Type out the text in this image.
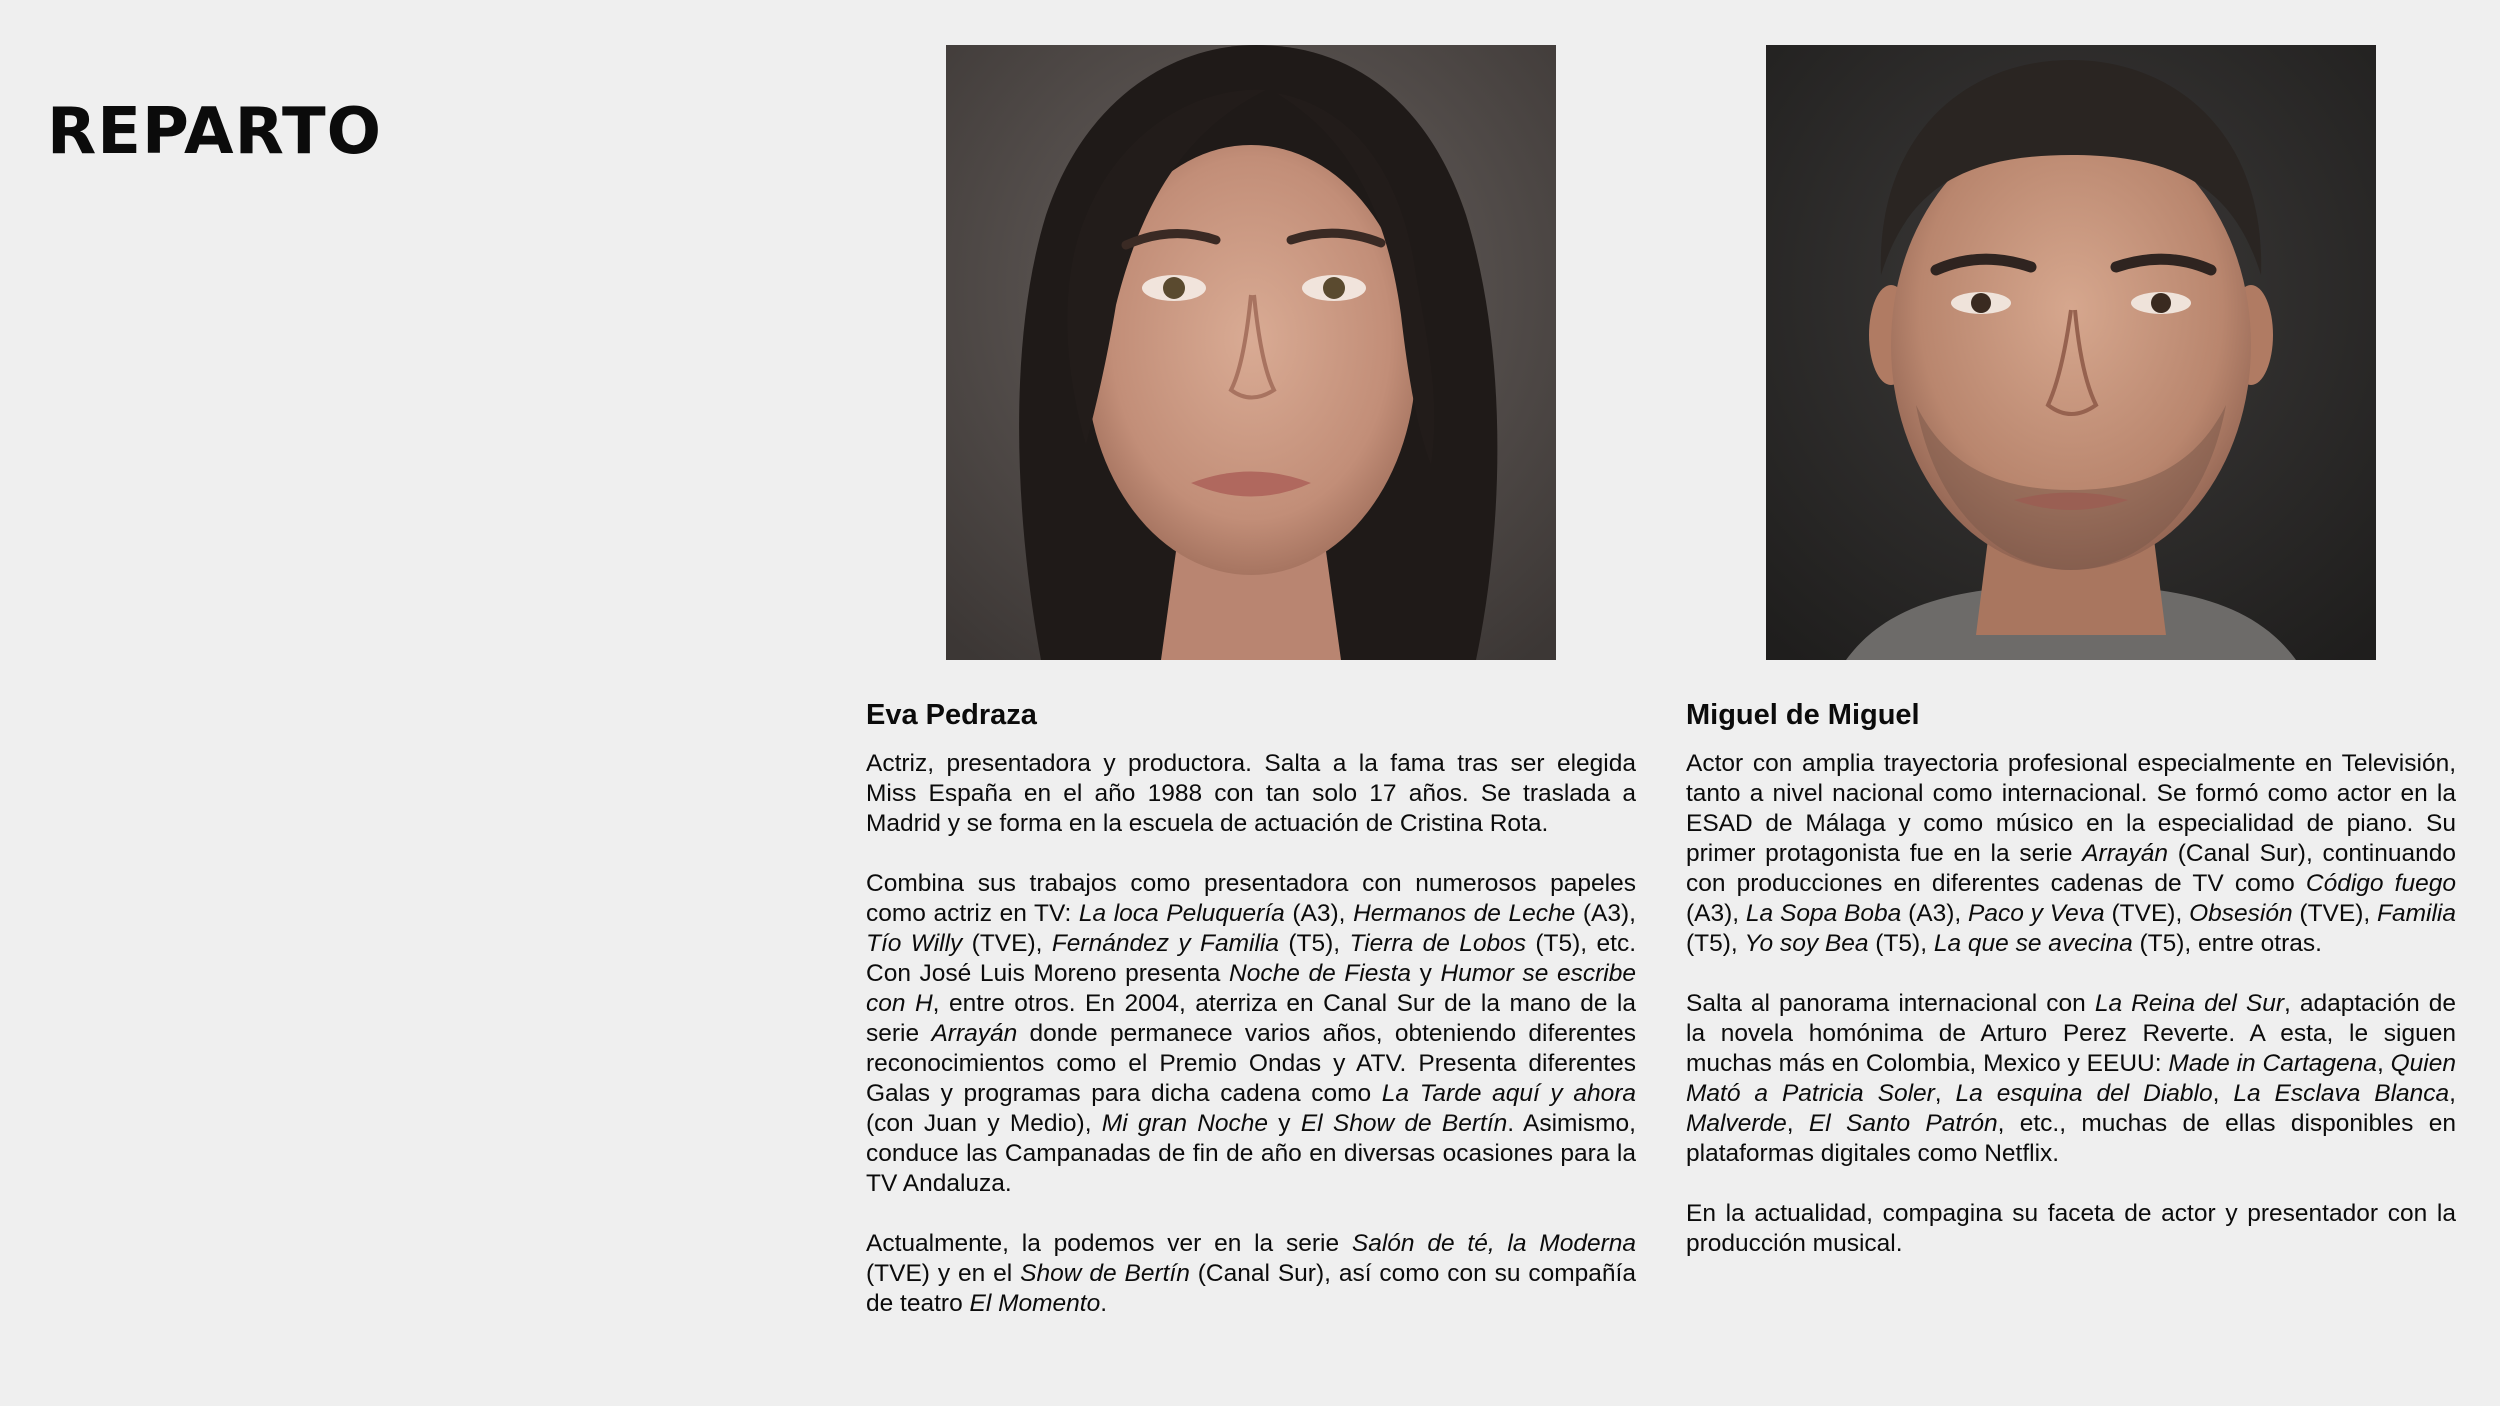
REPARTO
Eva Pedraza

Actriz, presentadora y productora. Salta a la fama tras ser elegida Miss España en el año 1988 con tan solo 17 años. Se traslada a Madrid y se forma en la escuela de actuación de Cristina Rota.

Combina sus trabajos como presentadora con numerosos papeles como actriz en TV: La loca Peluquería (A3), Hermanos de Leche (A3), Tío Willy (TVE), Fernández y Familia (T5), Tierra de Lobos (T5), etc. Con José Luis Moreno presenta Noche de Fiesta y Humor se escribe con H, entre otros. En 2004, aterriza en Canal Sur de la mano de la serie Arrayán donde permanece varios años, obteniendo diferentes reconocimientos como el Premio Ondas y ATV. Presenta diferentes Galas y programas para dicha cadena como La Tarde aquí y ahora (con Juan y Medio), Mi gran Noche y El Show de Bertín. Asimismo, conduce las Campanadas de fin de año en diversas ocasiones para la TV Andaluza.

Actualmente, la podemos ver en la serie Salón de té, la Moderna (TVE) y en el Show de Bertín (Canal Sur), así como con su compañía de teatro El Momento.

Miguel de Miguel

Actor con amplia trayectoria profesional especialmente en Televisión, tanto a nivel nacional como internacional. Se formó como actor en la ESAD de Málaga y como músico en la especialidad de piano. Su primer protagonista fue en la serie Arrayán (Canal Sur), continuando con producciones en diferentes cadenas de TV como Código fuego (A3), La Sopa Boba (A3), Paco y Veva (TVE), Obsesión (TVE), Familia (T5), Yo soy Bea (T5), La que se avecina (T5), entre otras.

Salta al panorama internacional con La Reina del Sur, adaptación de la novela homónima de Arturo Perez Reverte. A esta, le siguen muchas más en Colombia, Mexico y EEUU: Made in Cartagena, Quien Mató a Patricia Soler, La esquina del Diablo, La Esclava Blanca, Malverde, El Santo Patrón, etc., muchas de ellas disponibles en plataformas digitales como Netflix.

En la actualidad, compagina su faceta de actor y presentador con la producción musical.
